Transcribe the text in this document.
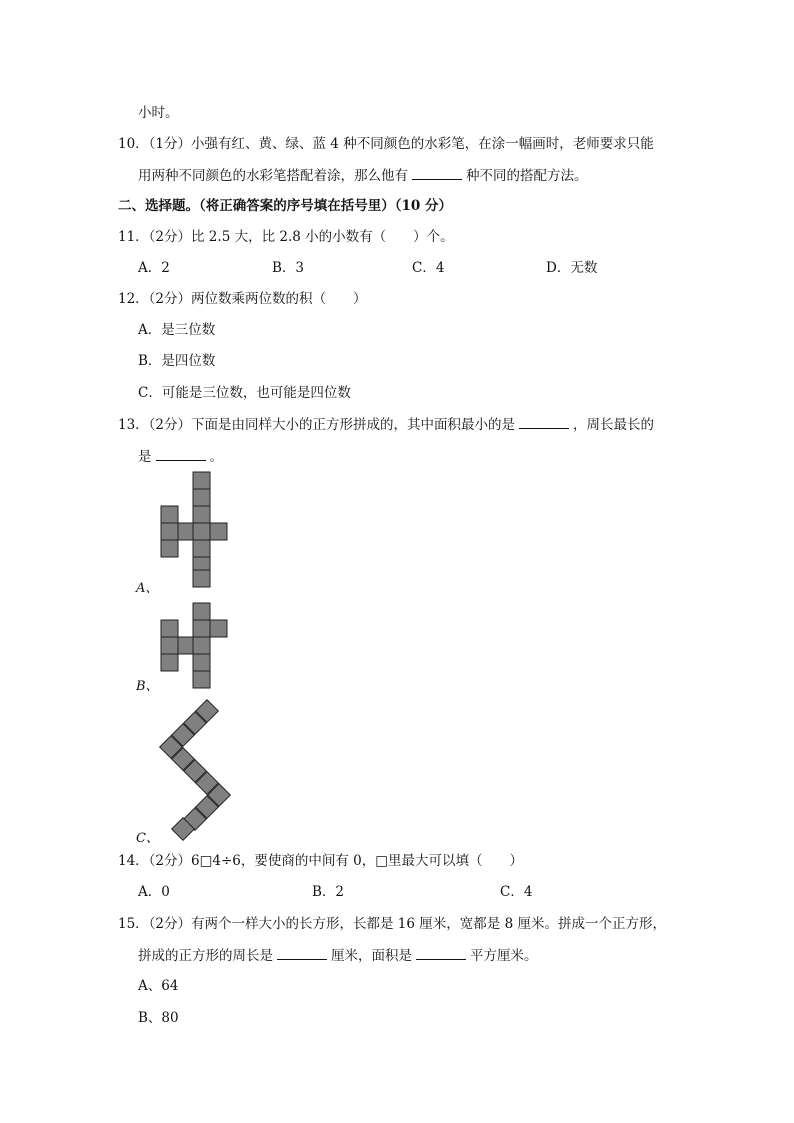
小时。
10．（1分）小强有红、黄、绿、蓝 4 种不同颜色的水彩笔，在涂一幅画时，老师要求只能
用两种不同颜色的水彩笔搭配着涂，那么他有	种不同的搭配方法。
二、选择题。（将正确答案的序号填在括号里）（10 分）
11．（2分）比 2.5 大，比 2.8 小的小数有（　　）个。
A．2	B．3	C．4	D．无数
12．（2分）两位数乘两位数的积（　　）
A．是三位数
B．是四位数
C．可能是三位数，也可能是四位数
13．（2分）下面是由同样大小的正方形拼成的，其中面积最小的是	，周长最长的
是	。
A、
B、
C、
14．（2分）6□4÷6，要使商的中间有 0，□里最大可以填（　　）
A．0	B．2	C．4
15．（2分）有两个一样大小的长方形，长都是 16 厘米，宽都是 8 厘米。拼成一个正方形，
拼成的正方形的周长是	厘米，面积是	平方厘米。
A、64
B、80
